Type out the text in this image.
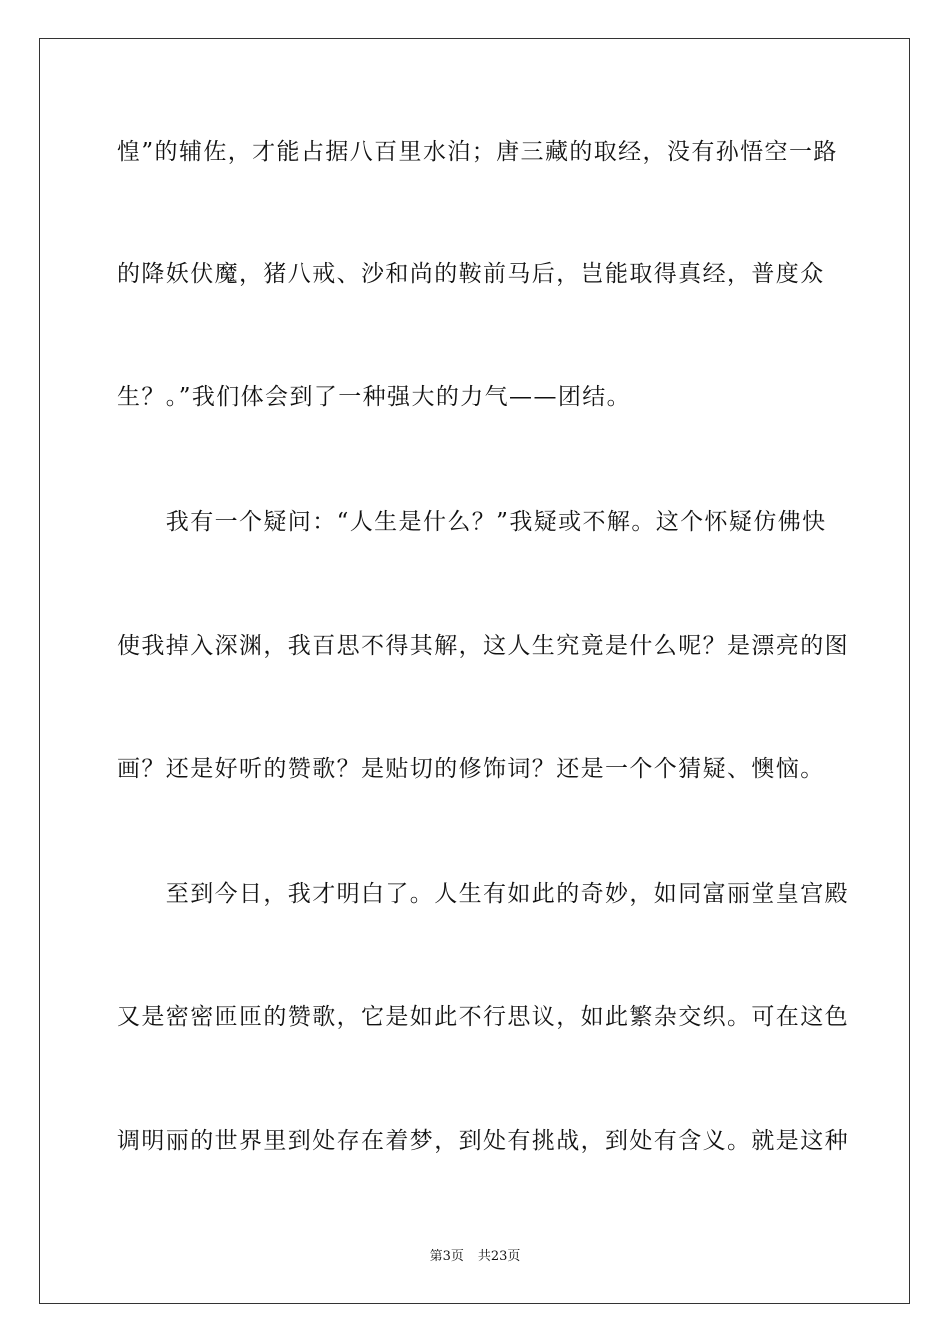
惶”的辅佐，才能占据八百里水泊；唐三藏的取经，没有孙悟空一路
的降妖伏魔，猪八戒、沙和尚的鞍前马后，岂能取得真经，普度众
生？。”我们体会到了一种强大的力气——团结。
　　我有一个疑问：“人生是什么？”我疑或不解。这个怀疑仿佛快
使我掉入深渊，我百思不得其解，这人生究竟是什么呢？是漂亮的图
画？还是好听的赞歌？是贴切的修饰词？还是一个个猜疑、懊恼。
　　至到今日，我才明白了。人生有如此的奇妙，如同富丽堂皇宫殿
又是密密匝匝的赞歌，它是如此不行思议，如此繁杂交织。可在这色
调明丽的世界里到处存在着梦，到处有挑战，到处有含义。就是这种
第3页 共23页
